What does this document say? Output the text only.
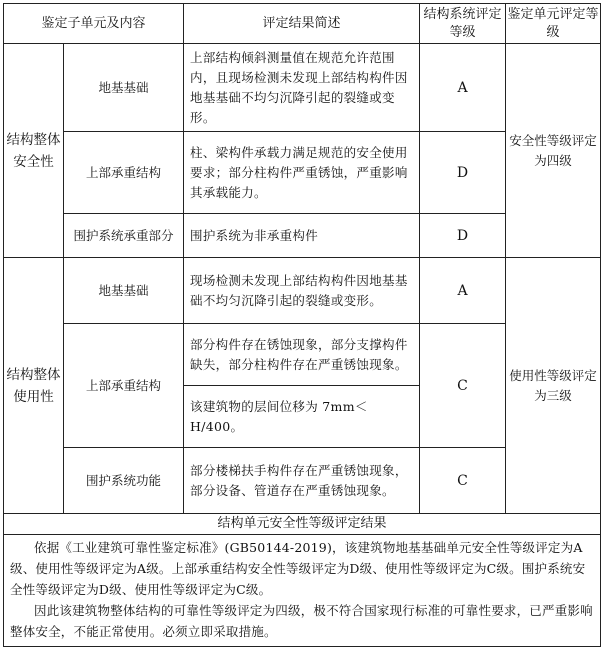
鉴定子单元及内容		评定结果简述	结构系统评定等级	鉴定单元评定等级
结构整体安全性	地基基础	上部结构倾斜测量值在规范允许范围内，且现场检测未发现上部结构构件因地基基础不均匀沉降引起的裂缝或变形。	A	安全性等级评定为四级
	上部承重结构	柱、梁构件承载力满足规范的安全使用要求；部分柱构件严重锈蚀，严重影响其承载能力。	D	
	围护系统承重部分	围护系统为非承重构件	D	
结构整体使用性	地基基础	现场检测未发现上部结构构件因地基基础不均匀沉降引起的裂缝或变形。	A	使用性等级评定为三级
	上部承重结构	部分构件存在锈蚀现象，部分支撑构件缺失，部分柱构件存在严重锈蚀现象。	C	
		该建筑物的层间位移为 7mm＜H/400。		
	围护系统功能	部分楼梯扶手构件存在严重锈蚀现象，部分设备、管道存在严重锈蚀现象。	C	
结构单元安全性等级评定结果				

依据《工业建筑可靠性鉴定标准》(GB50144-2019)，该建筑物地基基础单元安全性等级评定为A级、使用性等级评定为A级。上部承重结构安全性等级评定为D级、使用性等级评定为C级。围护系统安全性等级评定为D级、使用性等级评定为C级。
因此该建筑物整体结构的可靠性等级评定为四级，极不符合国家现行标准的可靠性要求，已严重影响整体安全，不能正常使用。必须立即采取措施。				
